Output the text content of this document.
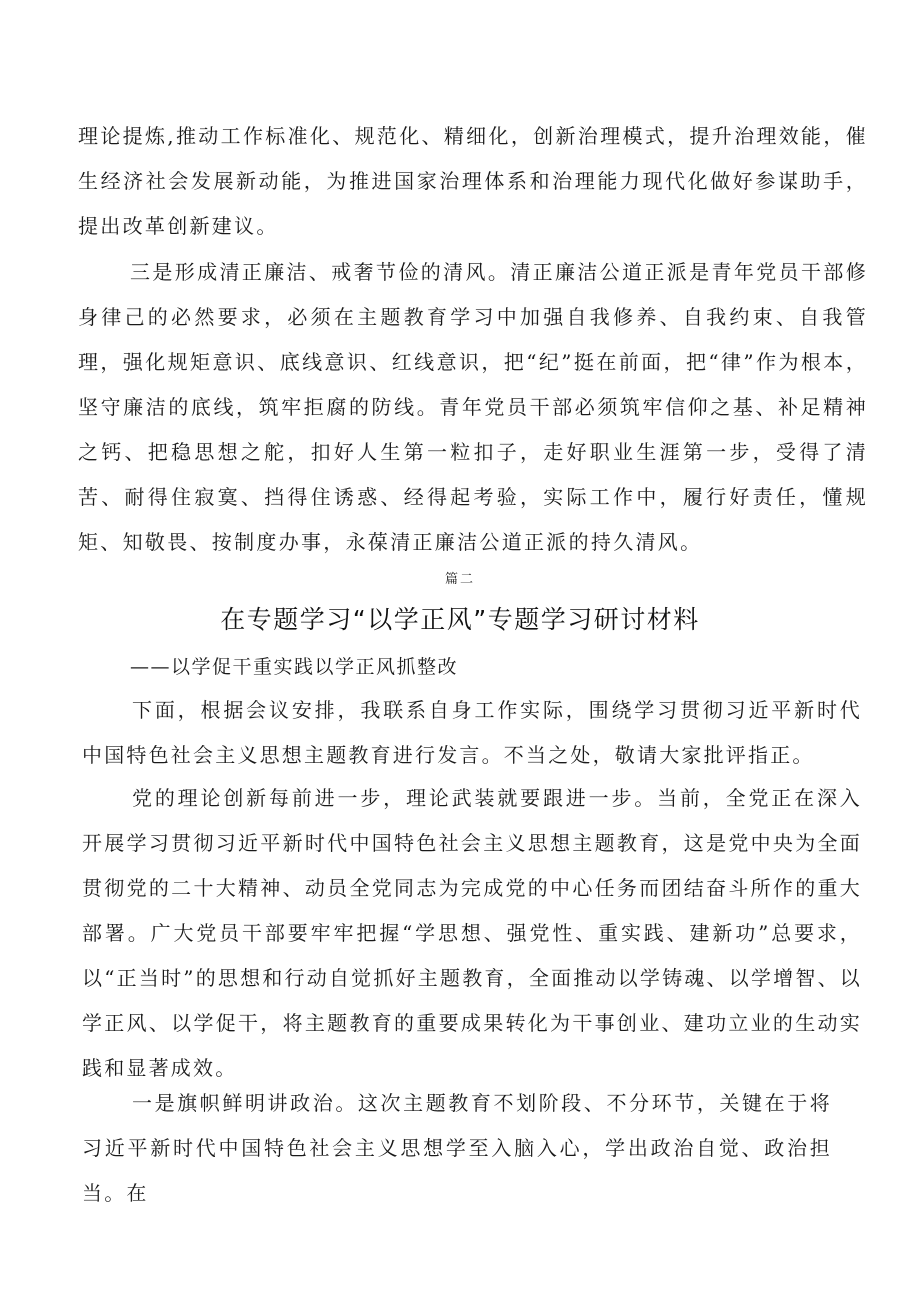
理论提炼,推动工作标准化、规范化、精细化，创新治理模式，提升治理效能，催生经济社会发展新动能，为推进国家治理体系和治理能力现代化做好参谋助手，提出改革创新建议。

三是形成清正廉洁、戒奢节俭的清风。清正廉洁公道正派是青年党员干部修身律己的必然要求，必须在主题教育学习中加强自我修养、自我约束、自我管理，强化规矩意识、底线意识、红线意识，把“纪”挺在前面，把“律”作为根本，坚守廉洁的底线，筑牢拒腐的防线。青年党员干部必须筑牢信仰之基、补足精神之钙、把稳思想之舵，扣好人生第一粒扣子，走好职业生涯第一步，受得了清苦、耐得住寂寞、挡得住诱惑、经得起考验，实际工作中，履行好责任，懂规矩、知敬畏、按制度办事，永葆清正廉洁公道正派的持久清风。

篇二
在专题学习“以学正风”专题学习研讨材料
——以学促干重实践以学正风抓整改

下面，根据会议安排，我联系自身工作实际，围绕学习贯彻习近平新时代中国特色社会主义思想主题教育进行发言。不当之处，敬请大家批评指正。

党的理论创新每前进一步，理论武装就要跟进一步。当前，全党正在深入开展学习贯彻习近平新时代中国特色社会主义思想主题教育，这是党中央为全面贯彻党的二十大精神、动员全党同志为完成党的中心任务而团结奋斗所作的重大部署。广大党员干部要牢牢把握“学思想、强党性、重实践、建新功”总要求，以“正当时”的思想和行动自觉抓好主题教育，全面推动以学铸魂、以学增智、以学正风、以学促干，将主题教育的重要成果转化为干事创业、建功立业的生动实践和显著成效。

一是旗帜鲜明讲政治。这次主题教育不划阶段、不分环节，关键在于将习近平新时代中国特色社会主义思想学至入脑入心，学出政治自觉、政治担当。在
